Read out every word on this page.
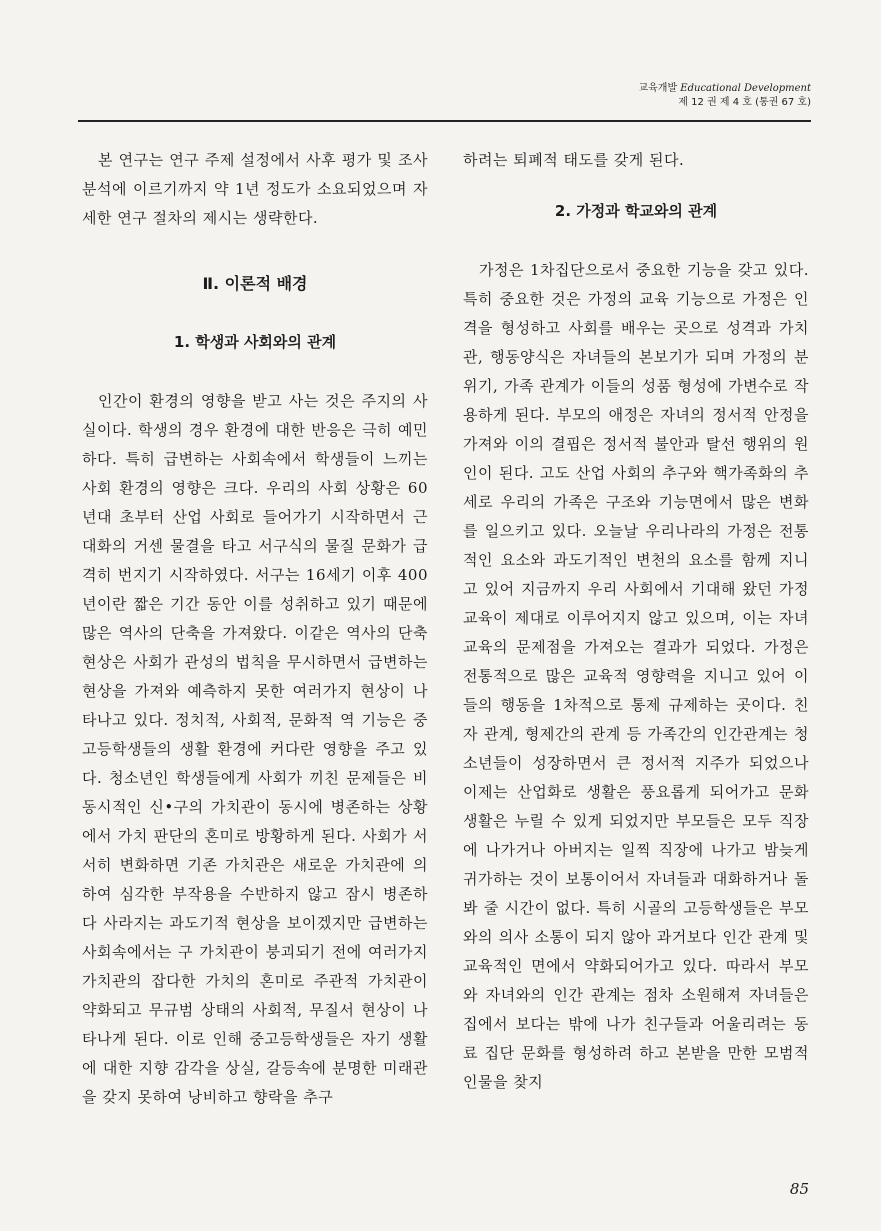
교육개발 Educational Development
제 12 권 제 4 호 (통권 67 호)

본 연구는 연구 주제 설정에서 사후 평가 및 조사 분석에 이르기까지 약 1년 정도가 소요되었으며 자세한 연구 절차의 제시는 생략한다.

Ⅱ. 이론적 배경
1. 학생과 사회와의 관계

인간이 환경의 영향을 받고 사는 것은 주지의 사실이다. 학생의 경우 환경에 대한 반응은 극히 예민하다. 특히 급변하는 사회속에서 학생들이 느끼는 사회 환경의 영향은 크다. 우리의 사회 상황은 60년대 초부터 산업 사회로 들어가기 시작하면서 근대화의 거센 물결을 타고 서구식의 물질 문화가 급격히 번지기 시작하였다. 서구는 16세기 이후 400년이란 짧은 기간 동안 이를 성취하고 있기 때문에 많은 역사의 단축을 가져왔다. 이같은 역사의 단축 현상은 사회가 관성의 법칙을 무시하면서 급변하는 현상을 가져와 예측하지 못한 여러가지 현상이 나타나고 있다. 정치적, 사회적, 문화적 역 기능은 중고등학생들의 생활 환경에 커다란 영향을 주고 있다. 청소년인 학생들에게 사회가 끼친 문제들은 비동시적인 신•구의 가치관이 동시에 병존하는 상황에서 가치 판단의 혼미로 방황하게 된다. 사회가 서서히 변화하면 기존 가치관은 새로운 가치관에 의하여 심각한 부작용을 수반하지 않고 잠시 병존하다 사라지는 과도기적 현상을 보이겠지만 급변하는 사회속에서는 구 가치관이 붕괴되기 전에 여러가지 가치관의 잡다한 가치의 혼미로 주관적 가치관이 약화되고 무규범 상태의 사회적, 무질서 현상이 나타나게 된다. 이로 인해 중고등학생들은 자기 생활에 대한 지향 감각을 상실, 갈등속에 분명한 미래관을 갖지 못하여 낭비하고 향락을 추구

하려는 퇴폐적 태도를 갖게 된다.

2. 가정과 학교와의 관계

가정은 1차집단으로서 중요한 기능을 갖고 있다. 특히 중요한 것은 가정의 교육 기능으로 가정은 인격을 형성하고 사회를 배우는 곳으로 성격과 가치관, 행동양식은 자녀들의 본보기가 되며 가정의 분위기, 가족 관계가 이들의 성품 형성에 가변수로 작용하게 된다. 부모의 애정은 자녀의 정서적 안정을 가져와 이의 결핍은 정서적 불안과 탈선 행위의 원인이 된다. 고도 산업 사회의 추구와 핵가족화의 추세로 우리의 가족은 구조와 기능면에서 많은 변화를 일으키고 있다. 오늘날 우리나라의 가정은 전통적인 요소와 과도기적인 변천의 요소를 함께 지니고 있어 지금까지 우리 사회에서 기대해 왔던 가정 교육이 제대로 이루어지지 않고 있으며, 이는 자녀 교육의 문제점을 가져오는 결과가 되었다. 가정은 전통적으로 많은 교육적 영향력을 지니고 있어 이들의 행동을 1차적으로 통제 규제하는 곳이다. 친자 관계, 형제간의 관계 등 가족간의 인간관계는 청소년들이 성장하면서 큰 정서적 지주가 되었으나 이제는 산업화로 생활은 풍요롭게 되어가고 문화 생활은 누릴 수 있게 되었지만 부모들은 모두 직장에 나가거나 아버지는 일찍 직장에 나가고 밤늦게 귀가하는 것이 보통이어서 자녀들과 대화하거나 돌봐 줄 시간이 없다. 특히 시골의 고등학생들은 부모와의 의사 소통이 되지 않아 과거보다 인간 관계 및 교육적인 면에서 약화되어가고 있다. 따라서 부모와 자녀와의 인간 관계는 점차 소원해져 자녀들은 집에서 보다는 밖에 나가 친구들과 어울리려는 동료 집단 문화를 형성하려 하고 본받을 만한 모범적 인물을 찾지

85
